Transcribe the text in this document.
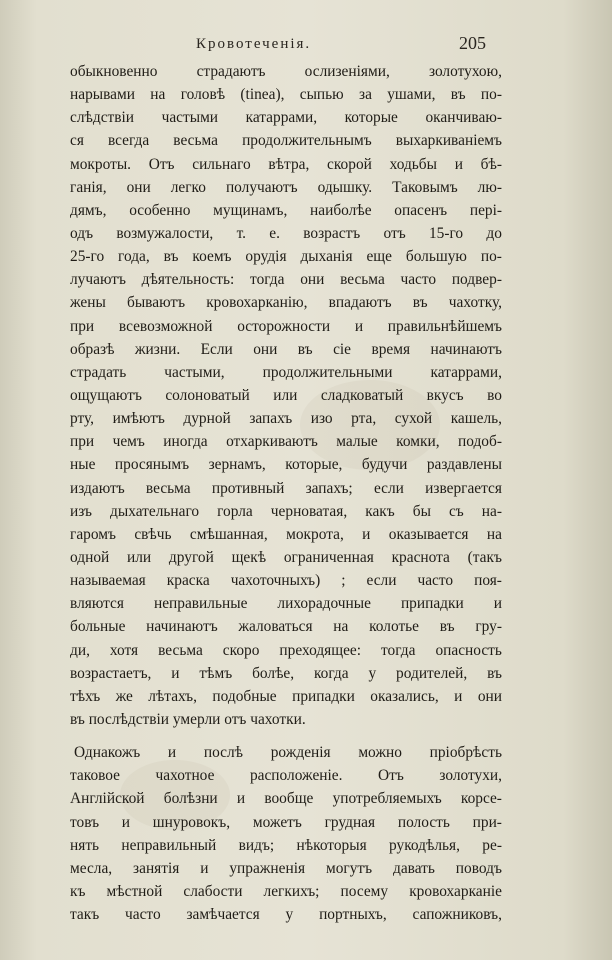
Кровотеченiя.	205
обыкновенно	страдаютъ	ослизенiями,	золотухою,
нарывами на головѣ (tinea), сыпью за ушами, въ по-
слѣдствiи частыми катаррами, которые оканчиваю-
ся всегда весьма продолжительнымъ выхаркиванiемъ
мокроты. Отъ сильнаго вѣтра, скорой ходьбы и бѣ-
ганiя, они легко получаютъ одышку. Таковымъ лю-
дямъ, особенно мущинамъ, наиболѣе опасенъ перi-
одъ возмужалости, т. е. возрастъ отъ 15-го до
25-го года, въ коемъ орудiя дыханiя еще большую по-
лучаютъ дѣятельность: тогда они весьма часто подвер-
жены бываютъ кровохарканiю, впадаютъ въ чахотку,
при всевозможной осторожности и правильнѣйшемъ
образѣ жизни. Если они въ сiе время начинаютъ
страдать частыми, продолжительными катаррами,
ощущаютъ солоноватый или сладковатый вкусъ во
рту, имѣютъ дурной запахъ изо рта, сухой кашель,
при чемъ иногда отхаркиваютъ малые комки, подоб-
ные просянымъ зернамъ, которые, будучи раздавлены
издаютъ весьма противный запахъ; если извергается
изъ дыхательнаго горла черноватая, какъ бы съ на-
гаромъ свѣчь смѣшанная, мокрота, и оказывается на
одной или другой щекѣ ограниченная краснота (такъ
называемая краска чахоточныхъ) ; если часто поя-
вляются неправильные лихорадочные припадки и
больные начинаютъ жаловаться на колотье въ гру-
ди, хотя весьма скоро преходящее: тогда опасность
возрастаетъ, и тѣмъ болѣе, когда у родителей, въ
тѣхъ же лѣтахъ, подобные припадки оказались, и они
въ послѣдствiи умерли отъ чахотки.
Однакожъ и послѣ рожденiя можно прiобрѣсть
таковое чахотное расположенiе. Отъ золотухи,
Англiйской болѣзни и вообще употребляемыхъ корсе-
товъ и шнуровокъ, можетъ грудная полость при-
нять неправильный видъ; нѣкоторыя рукодѣлья, ре-
месла, занятiя и упражненiя могутъ давать поводъ
къ мѣстной слабости легкихъ; посему кровохарканiе
такъ часто замѣчается у портныхъ, сапожниковъ,
